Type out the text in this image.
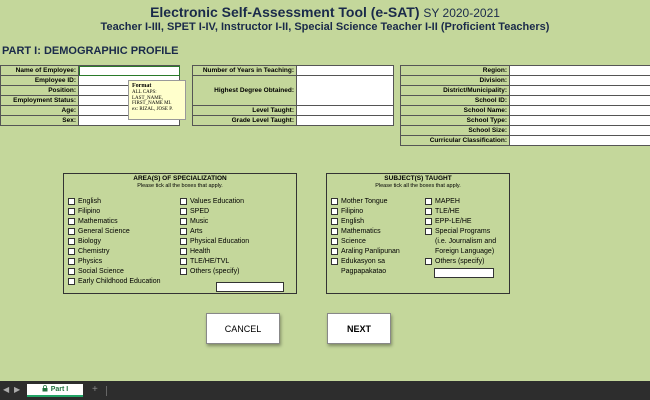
Electronic Self-Assessment Tool (e-SAT) SY 2020-2021
Teacher I-III, SPET I-IV, Instructor I-II, Special Science Teacher I-II (Proficient Teachers)
PART I: DEMOGRAPHIC PROFILE
Name of Employee:
Employee ID:
Position:
Employment Status:
Age:
Sex:
Number of Years in Teaching:
Highest Degree Obtained:
Level Taught:
Grade Level Taught:
Region:
Division:
District/Municipality:
School ID:
School Name:
School Type:
School Size:
Curricular Classification:
Format
ALL CAPS:
LAST_NAME,
FIRST_NAME MI.
ex: RIZAL, JOSE P.
AREA(S) OF SPECIALIZATION
Please tick all the boxes that apply.
English
Filipino
Mathematics
General Science
Biology
Chemistry
Physics
Social Science
Early Childhood Education
Values Education
SPED
Music
Arts
Physical Education
Health
TLE/HE/TVL
Others (specify)
SUBJECT(S) TAUGHT
Please tick all the boxes that apply.
Mother Tongue
Filipino
English
Mathematics
Science
Araling Panlipunan
Edukasyon sa
Pagpapakatao
MAPEH
TLE/HE
EPP-LE/HE
Special Programs
(i.e. Journalism and
Foreign Language)
Others (specify)
CANCEL	NEXT
◀ ▶	Part I +
